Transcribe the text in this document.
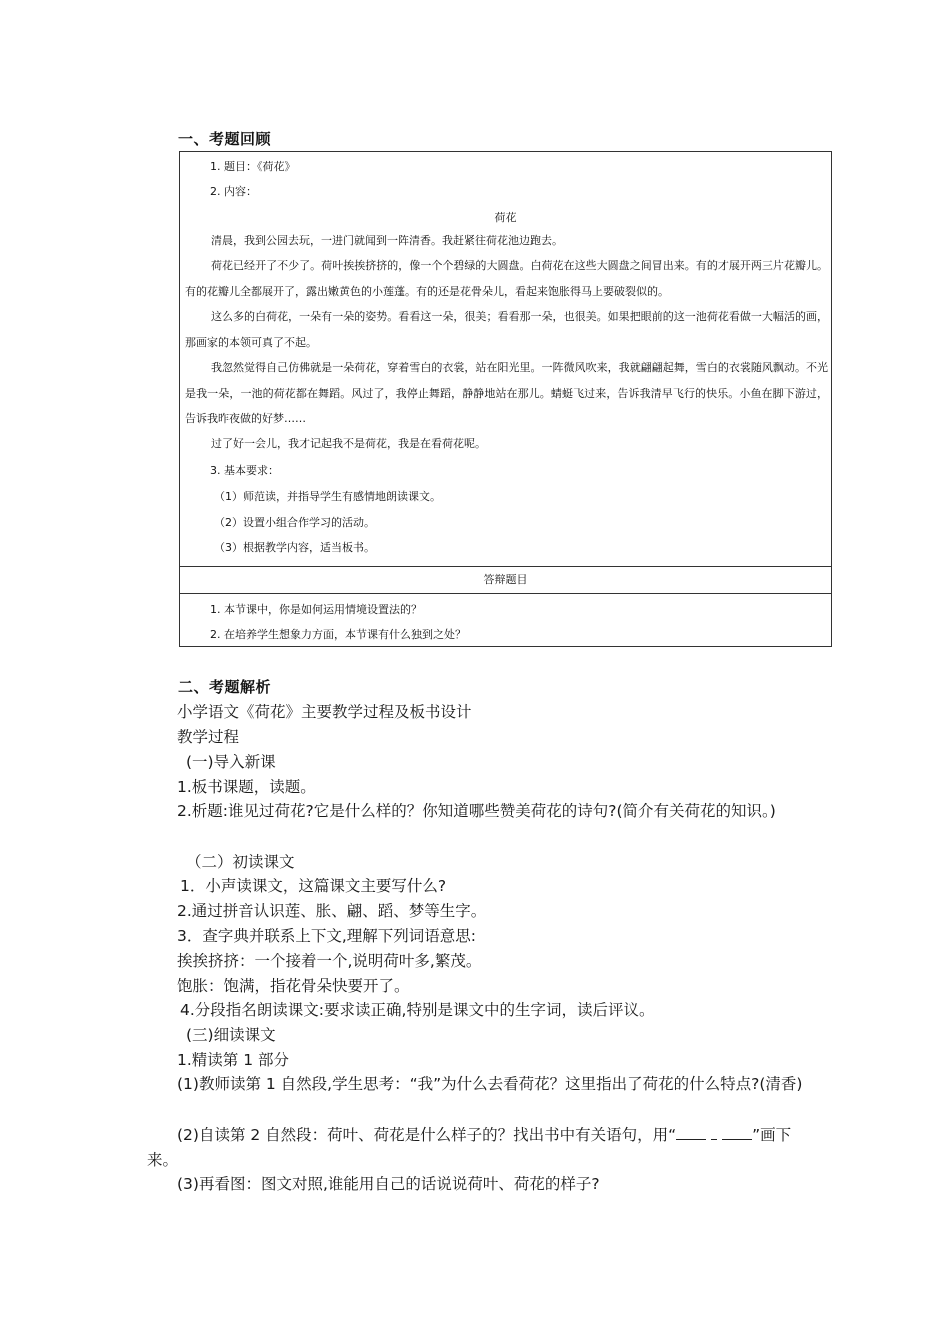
一、考题回顾
1. 题目：《荷花》
2. 内容：
荷花
清晨，我到公园去玩，一进门就闻到一阵清香。我赶紧往荷花池边跑去。
荷花已经开了不少了。荷叶挨挨挤挤的，像一个个碧绿的大圆盘。白荷花在这些大圆盘之间冒出来。有的才展开两三片花瓣儿。有的花瓣儿全都展开了，露出嫩黄色的小莲蓬。有的还是花骨朵儿，看起来饱胀得马上要破裂似的。
这么多的白荷花，一朵有一朵的姿势。看看这一朵，很美；看看那一朵，也很美。如果把眼前的这一池荷花看做一大幅活的画，那画家的本领可真了不起。
我忽然觉得自己仿佛就是一朵荷花，穿着雪白的衣裳，站在阳光里。一阵微风吹来，我就翩翩起舞，雪白的衣裳随风飘动。不光是我一朵，一池的荷花都在舞蹈。风过了，我停止舞蹈，静静地站在那儿。蜻蜓飞过来，告诉我清早飞行的快乐。小鱼在脚下游过，告诉我昨夜做的好梦……
过了好一会儿，我才记起我不是荷花，我是在看荷花呢。
3. 基本要求：
（1）师范读，并指导学生有感情地朗读课文。
（2）设置小组合作学习的活动。
（3）根据教学内容，适当板书。
答辩题目
1. 本节课中，你是如何运用情境设置法的？
2. 在培养学生想象力方面，本节课有什么独到之处？
二、考题解析
小学语文《荷花》主要教学过程及板书设计
教学过程
(一)导入新课
1.板书课题，读题。
2.析题:谁见过荷花?它是什么样的？你知道哪些赞美荷花的诗句?(简介有关荷花的知识。)
（二）初读课文
1．小声读课文，这篇课文主要写什么?
2.通过拼音认识莲、胀、翩、蹈、梦等生字。
3．查字典并联系上下文,理解下列词语意思:
挨挨挤挤：一个接着一个,说明荷叶多,繁茂。
饱胀：饱满，指花骨朵快要开了。
4.分段指名朗读课文:要求读正确,特别是课文中的生字词，读后评议。
(三)细读课文
1.精读第 1 部分
(1)教师读第 1 自然段,学生思考：“我”为什么去看荷花？这里指出了荷花的什么特点?(清香)
(2)自读第 2 自然段：荷叶、荷花是什么样子的？找出书中有关语句，用“	”画下来。
(3)再看图：图文对照,谁能用自己的话说说荷叶、荷花的样子?
